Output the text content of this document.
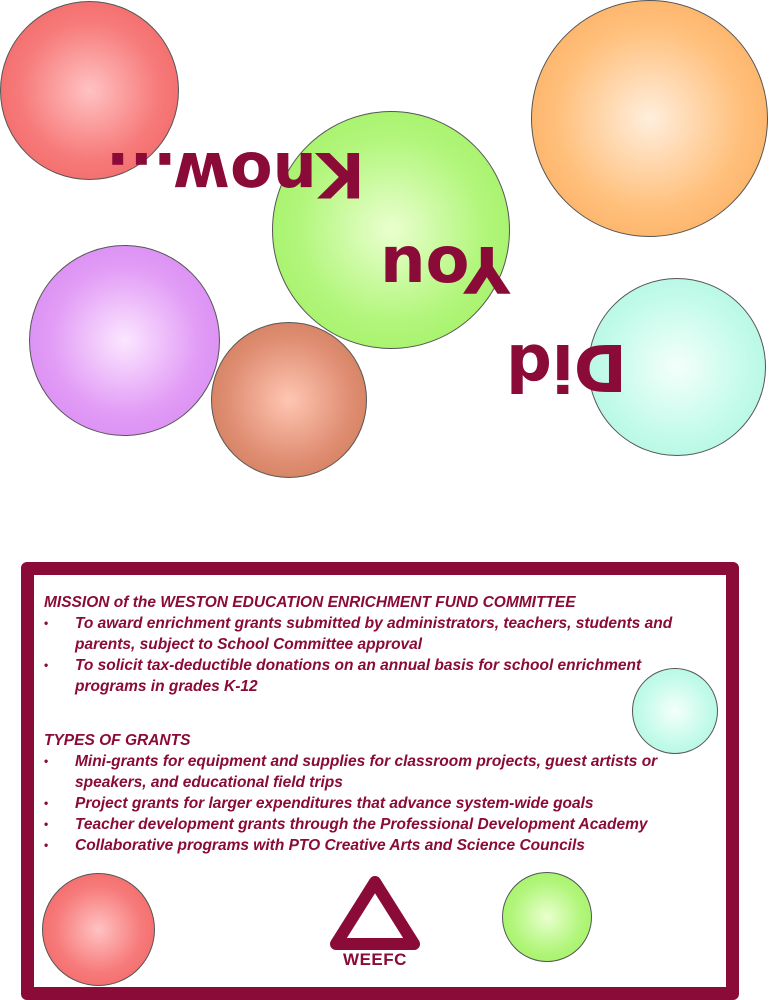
Know...
You
Did
MISSION of the WESTON EDUCATION ENRICHMENT FUND COMMITTEE
• To award enrichment grants submitted by administrators, teachers, students and parents, subject to School Committee approval
• To solicit tax-deductible donations on an annual basis for school enrichment programs in grades K-12
TYPES OF GRANTS
• Mini-grants for equipment and supplies for classroom projects, guest artists or speakers, and educational field trips
• Project grants for larger expenditures that advance system-wide goals
• Teacher development grants through the Professional Development Academy
• Collaborative programs with PTO Creative Arts and Science Councils
WEEFC
